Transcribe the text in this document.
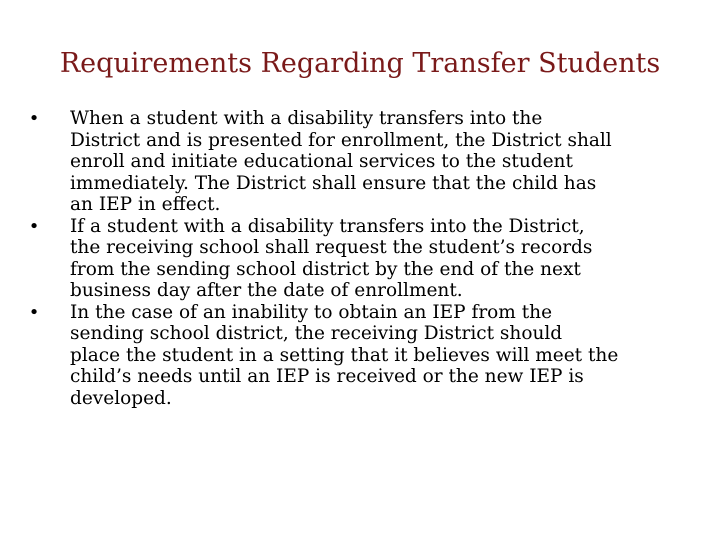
Requirements Regarding Transfer Students
• When a student with a disability transfers into the
District and is presented for enrollment, the District shall
enroll and initiate educational services to the student
immediately. The District shall ensure that the child has
an IEP in effect.
• If a student with a disability transfers into the District,
the receiving school shall request the student’s records
from the sending school district by the end of the next
business day after the date of enrollment.
• In the case of an inability to obtain an IEP from the
sending school district, the receiving District should
place the student in a setting that it believes will meet the
child’s needs until an IEP is received or the new IEP is
developed.
